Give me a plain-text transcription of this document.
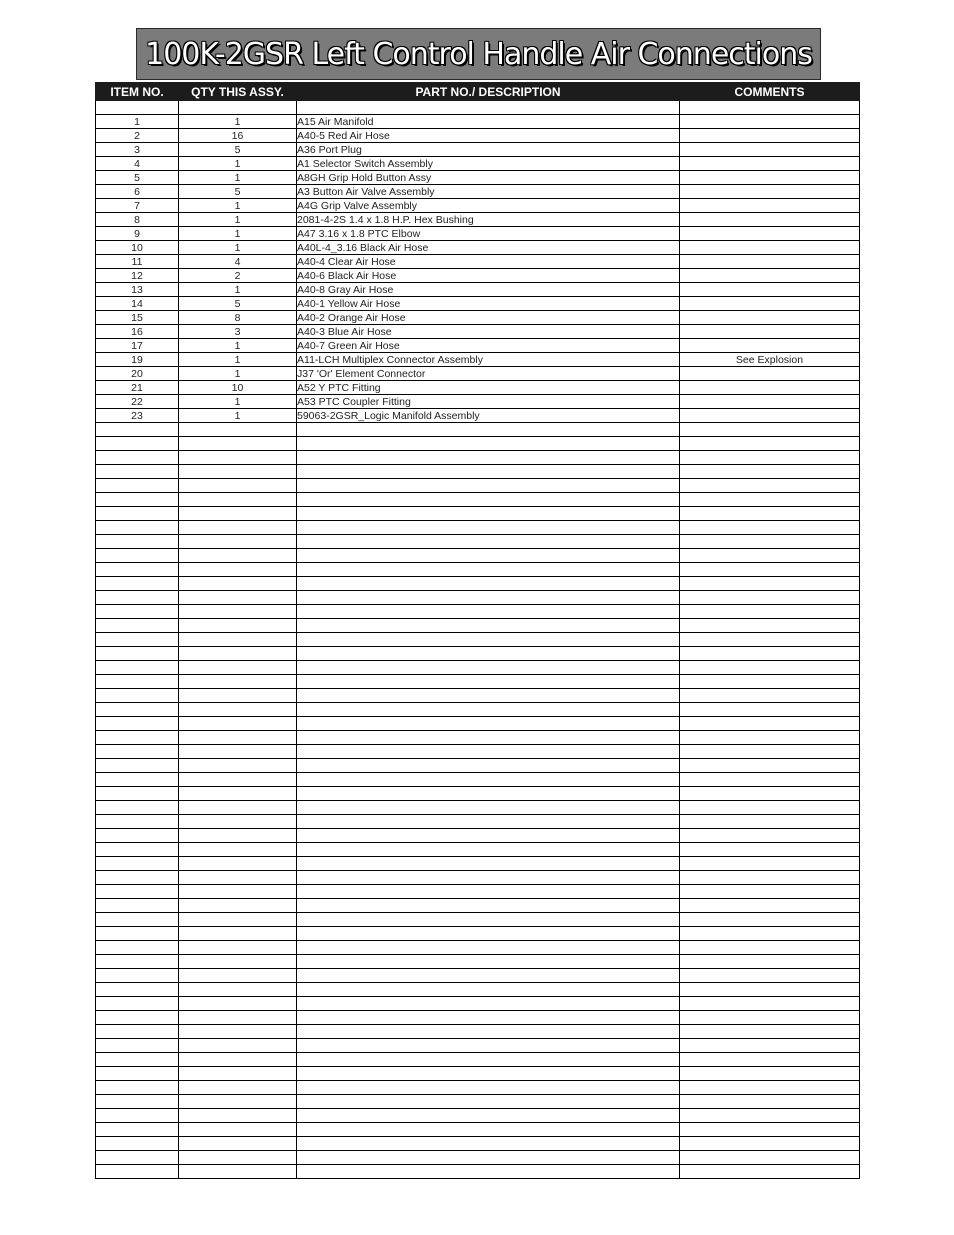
100K-2GSR Left Control Handle Air Connections
ITEM NO.	QTY THIS ASSY.	PART NO./ DESCRIPTION	COMMENTS

1	1	A15 Air Manifold	
2	16	A40-5 Red Air Hose	
3	5	A36 Port Plug	
4	1	A1 Selector Switch Assembly	
5	1	A8GH Grip Hold Button Assy	
6	5	A3 Button Air Valve Assembly	
7	1	A4G Grip Valve Assembly	
8	1	2081-4-2S 1.4 x 1.8 H.P. Hex Bushing	
9	1	A47 3.16 x 1.8 PTC Elbow	
10	1	A40L-4_3.16 Black Air Hose	
11	4	A40-4 Clear Air Hose	
12	2	A40-6 Black Air Hose	
13	1	A40-8 Gray Air Hose	
14	5	A40-1 Yellow Air Hose	
15	8	A40-2 Orange Air Hose	
16	3	A40-3 Blue Air Hose	
17	1	A40-7 Green Air Hose	
19	1	A11-LCH Multiplex Connector Assembly	See Explosion
20	1	J37 'Or' Element Connector	
21	10	A52 Y PTC Fitting	
22	1	A53 PTC Coupler Fitting	
23	1	59063-2GSR_Logic Manifold Assembly	
